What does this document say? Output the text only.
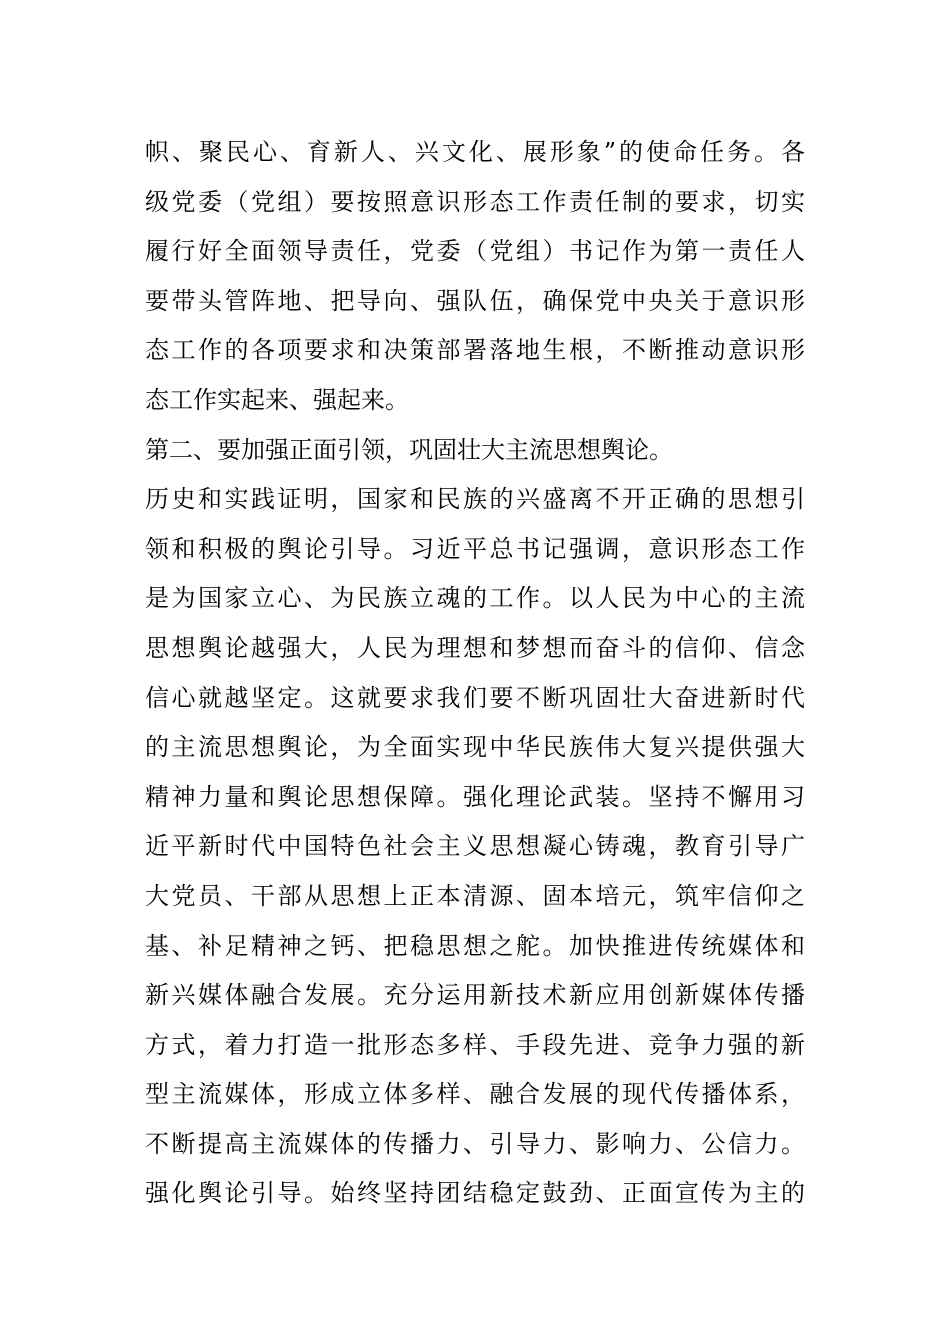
帜、聚民心、育新人、兴文化、展形象”的使命任务。各
级党委（党组）要按照意识形态工作责任制的要求，切实
履行好全面领导责任，党委（党组）书记作为第一责任人
要带头管阵地、把导向、强队伍，确保党中央关于意识形
态工作的各项要求和决策部署落地生根，不断推动意识形
态工作实起来、强起来。
第二、要加强正面引领，巩固壮大主流思想舆论。
历史和实践证明，国家和民族的兴盛离不开正确的思想引
领和积极的舆论引导。习近平总书记强调，意识形态工作
是为国家立心、为民族立魂的工作。以人民为中心的主流
思想舆论越强大，人民为理想和梦想而奋斗的信仰、信念
信心就越坚定。这就要求我们要不断巩固壮大奋进新时代
的主流思想舆论，为全面实现中华民族伟大复兴提供强大
精神力量和舆论思想保障。强化理论武装。坚持不懈用习
近平新时代中国特色社会主义思想凝心铸魂，教育引导广
大党员、干部从思想上正本清源、固本培元，筑牢信仰之
基、补足精神之钙、把稳思想之舵。加快推进传统媒体和
新兴媒体融合发展。充分运用新技术新应用创新媒体传播
方式，着力打造一批形态多样、手段先进、竞争力强的新
型主流媒体，形成立体多样、融合发展的现代传播体系，
不断提高主流媒体的传播力、引导力、影响力、公信力。
强化舆论引导。始终坚持团结稳定鼓劲、正面宣传为主的
